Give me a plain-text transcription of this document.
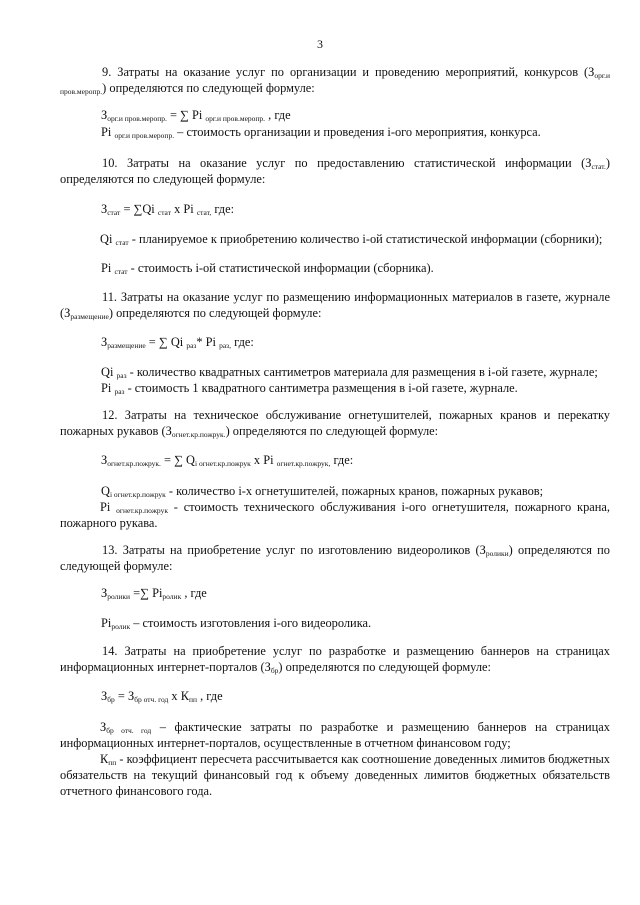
3
9. Затраты на оказание услуг по организации и проведению мероприятий, конкурсов $(З_{орг.и пров.меропр.})$ определяются по следующей формуле:
$З_{орг.и пров.меропр.}$ = ∑ Pi $_{орг.и пров.меропр.}$ , где
Pi $_{орг.и пров.меропр.}$ – стоимость организации и проведения i-ого мероприятия, конкурса.
10. Затраты на оказание услуг по предоставлению статистической информации $(З_{стат.})$ определяются по следующей формуле:
$З_{стат} = \sum Qi$ $_{стат}$ x Pi $_{стат,}$ где:
Qi $_{стат}$ - планируемое к приобретению количество i-ой статистической информации (сборники);
Pi $_{стат}$ - стоимость i-ой статистической информации (сборника).
11. Затраты на оказание услуг по размещению информационных материалов в газете, журнале $(З_{размещение})$ определяются по следующей формуле:
$З_{размещение}$ = ∑ Qi $_{раз}$* Pi $_{раз,}$ где:
Qi $_{раз}$ - количество квадратных сантиметров материала для размещения в i-ой газете, журнале;
Pi $_{раз}$ - стоимость 1 квадратного сантиметра размещения в i-ой газете, журнале.
12. Затраты на техническое обслуживание огнетушителей, пожарных кранов и перекатку пожарных рукавов $(З_{огнет.кр.пожрук.})$ определяются по следующей формуле:
$З_{огнет.кр.пожрук.}$ = ∑ $Q_{i огнет.кр.пожрук}$ x Pi $_{огнет.кр.пожрук,}$ где:
$Q_{i огнет.кр.пожрук}$ - количество i-х огнетушителей, пожарных кранов, пожарных рукавов;
Pi $_{огнет.кр.пожрук}$ - стоимость технического обслуживания i-ого огнетушителя, пожарного крана, пожарного рукава.
13. Затраты на приобретение услуг по изготовлению видеороликов $(З_{ролики})$ определяются по следующей формуле:
$З_{ролики}$ =∑ $Pi_{ролик}$ , где
$Pi_{ролик}$ – стоимость изготовления i-ого видеоролика.
14. Затраты на приобретение услуг по разработке и размещению баннеров на страницах информационных интернет-порталов $(З_{бр})$ определяются по следующей формуле:
$З_{бр} = З_{бр отч. год}$ x $К_{пп}$ , где
$З_{бр отч. год}$ – фактические затраты по разработке и размещению баннеров на страницах информационных интернет-порталов, осуществленные в отчетном финансовом году;
$К_{пп}$ - коэффициент пересчета рассчитывается как соотношение доведенных лимитов бюджетных обязательств на текущий финансовый год к объему доведенных лимитов бюджетных обязательств отчетного финансового года.
